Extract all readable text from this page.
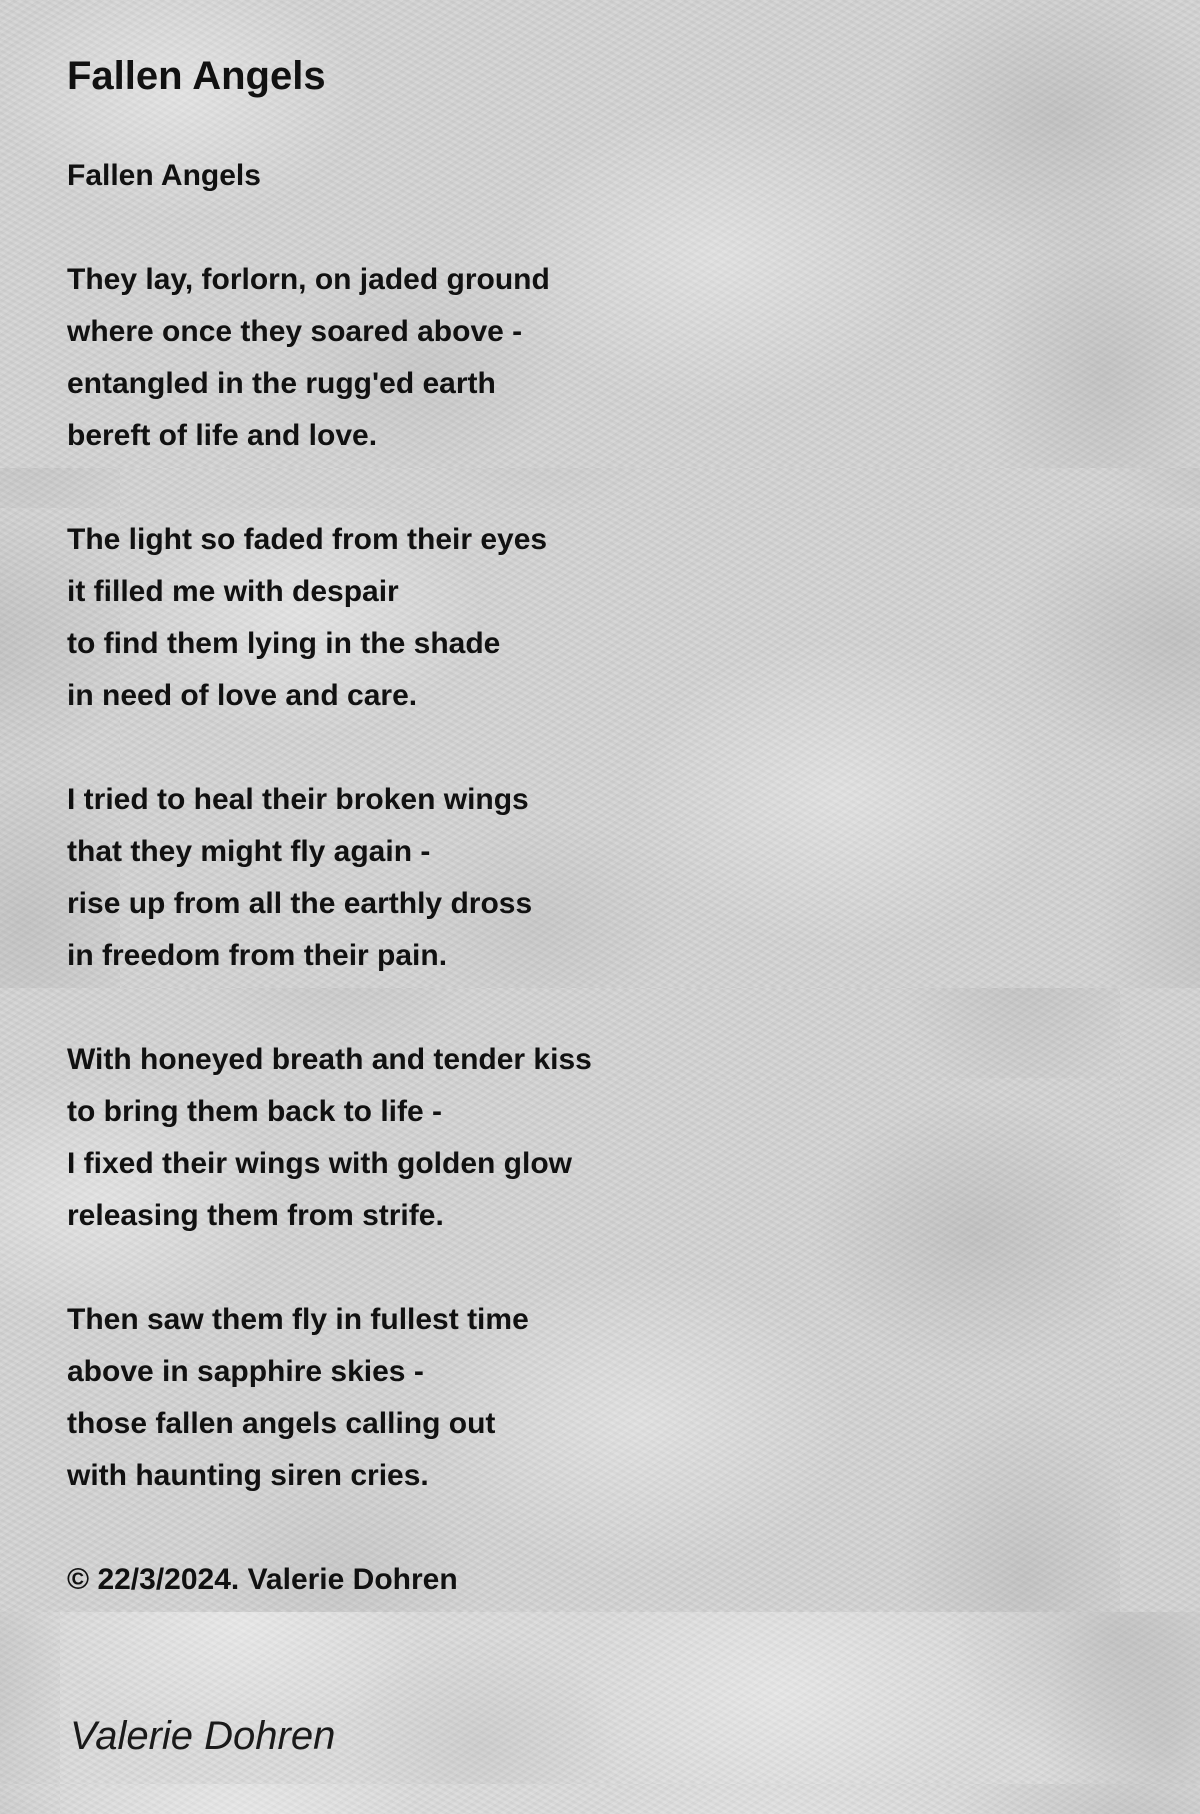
Fallen Angels
Fallen Angels
They lay, forlorn, on jaded ground
where once they soared above -
entangled in the rugg'ed earth
bereft of life and love.
The light so faded from their eyes
it filled me with despair
to find them lying in the shade
in need of love and care.
I tried to heal their broken wings
that they might fly again -
rise up from all the earthly dross
in freedom from their pain.
With honeyed breath and tender kiss
to bring them back to life -
I fixed their wings with golden glow
releasing them from strife.
Then saw them fly in fullest time
above in sapphire skies -
those fallen angels calling out
with haunting siren cries.
© 22/3/2024. Valerie Dohren
Valerie Dohren
